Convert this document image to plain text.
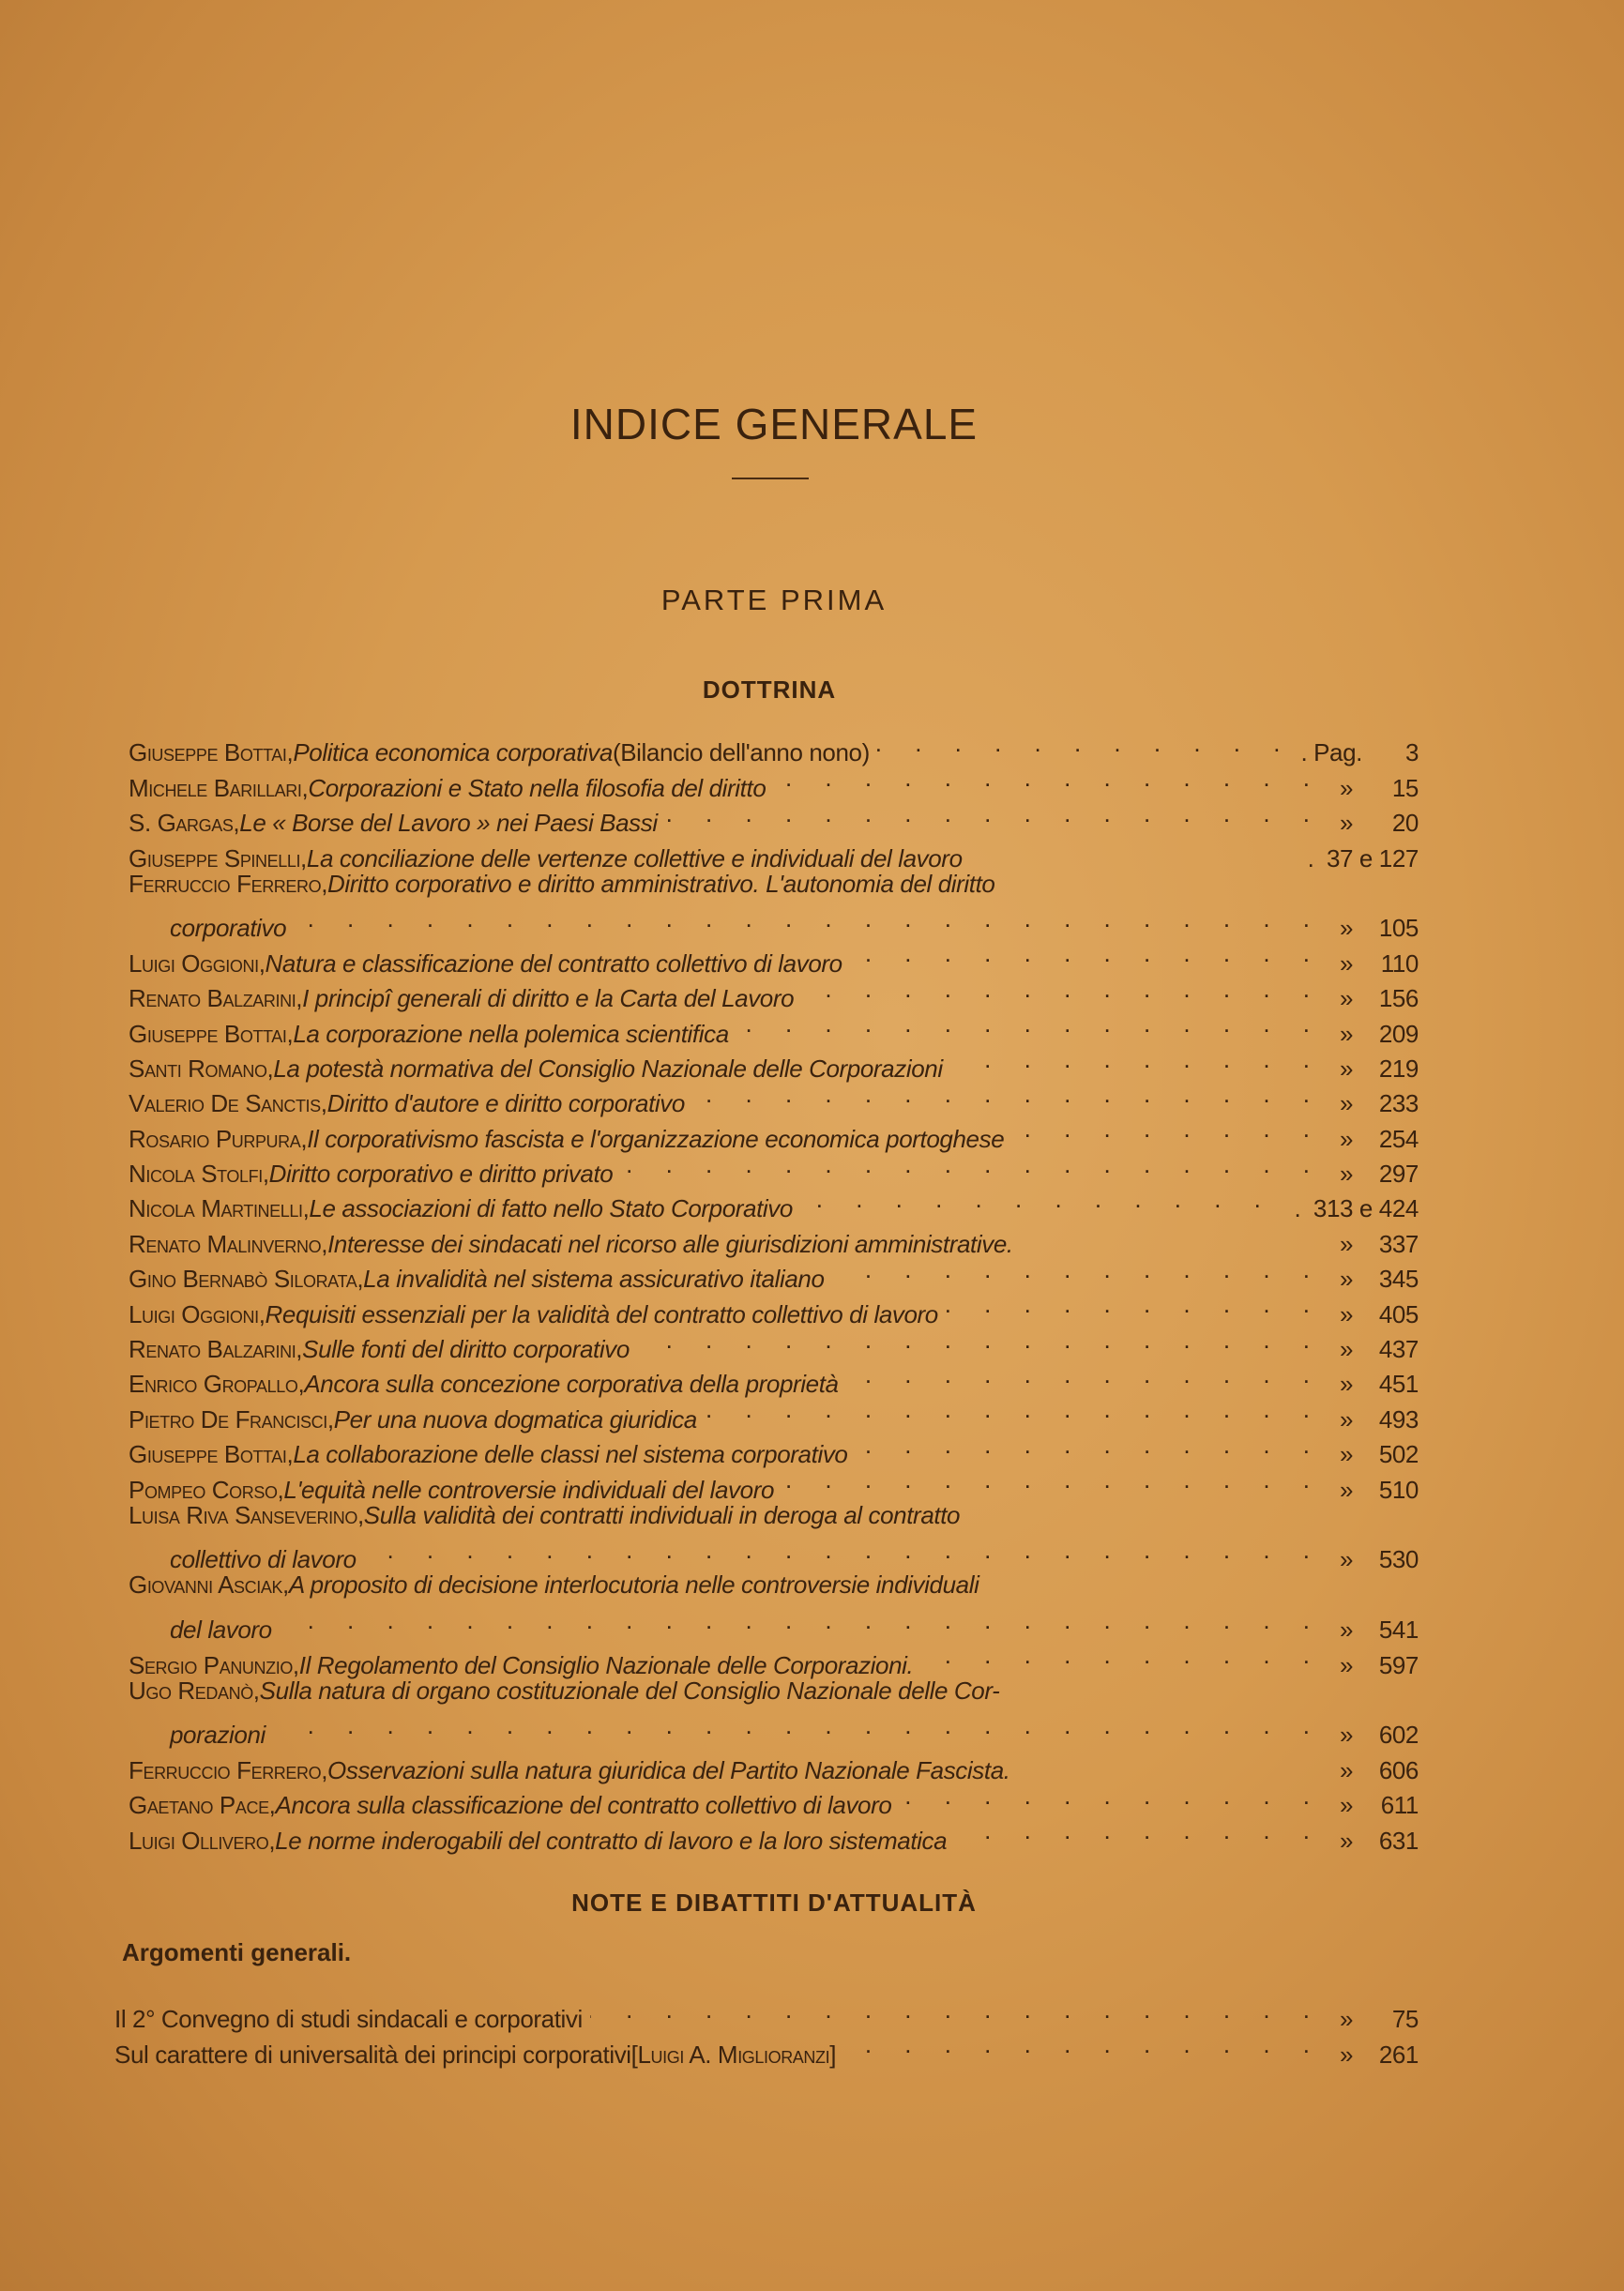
INDICE GENERALE
PARTE PRIMA
DOTTRINA
Giuseppe Bottai, Politica economica corporativa (Bilancio dell'anno nono) . . .	. Pag.	3
Michele Barillari, Corporazioni e Stato nella filosofia del diritto . . .	»	15
S. Gargas, Le « Borse del Lavoro » nei Paesi Bassi . . .	»	20
Giuseppe Spinelli, La conciliazione delle vertenze collettive e individuali del lavoro	. 37 e 127
Ferruccio Ferrero, Diritto corporativo e diritto amministrativo. L'autonomia del diritto
corporativo . . .	»	105
Luigi Oggioni, Natura e classificazione del contratto collettivo di lavoro . . .	»	110
Renato Balzarini, I principî generali di diritto e la Carta del Lavoro . . .	»	156
Giuseppe Bottai, La corporazione nella polemica scientifica . . .	»	209
Santi Romano, La potestà normativa del Consiglio Nazionale delle Corporazioni . . .	»	219
Valerio De Sanctis, Diritto d'autore e diritto corporativo . . .	»	233
Rosario Purpura, Il corporativismo fascista e l'organizzazione economica portoghese . . .	»	254
Nicola Stolfi, Diritto corporativo e diritto privato . . .	»	297
Nicola Martinelli, Le associazioni di fatto nello Stato Corporativo . . .	. 313 e 424
Renato Malinverno, Interesse dei sindacati nel ricorso alle giurisdizioni amministrative.	»	337
Gino Bernabò Silorata, La invalidità nel sistema assicurativo italiano . . .	»	345
Luigi Oggioni, Requisiti essenziali per la validità del contratto collettivo di lavoro . . .	»	405
Renato Balzarini, Sulle fonti del diritto corporativo . . .	»	437
Enrico Gropallo, Ancora sulla concezione corporativa della proprietà . . .	»	451
Pietro De Francisci, Per una nuova dogmatica giuridica . . .	»	493
Giuseppe Bottai, La collaborazione delle classi nel sistema corporativo . . .	»	502
Pompeo Corso, L'equità nelle controversie individuali del lavoro . . .	»	510
Luisa Riva Sanseverino, Sulla validità dei contratti individuali in deroga al contratto
collettivo di lavoro . . .	»	530
Giovanni Asciak, A proposito di decisione interlocutoria nelle controversie individuali
del lavoro . . .	»	541
Sergio Panunzio, Il Regolamento del Consiglio Nazionale delle Corporazioni. . . .	»	597
Ugo Redanò, Sulla natura di organo costituzionale del Consiglio Nazionale delle Cor-
porazioni . . .	»	602
Ferruccio Ferrero, Osservazioni sulla natura giuridica del Partito Nazionale Fascista.	»	606
Gaetano Pace, Ancora sulla classificazione del contratto collettivo di lavoro . . .	»	611
Luigi Ollivero, Le norme inderogabili del contratto di lavoro e la loro sistematica . . .	»	631
NOTE E DIBATTITI D'ATTUALITÀ
Argomenti generali.
Il 2° Convegno di studi sindacali e corporativi . . .	»	75
Sul carattere di universalità dei principi corporativi [Luigi A. Miglioranzi] . . .	»	261
